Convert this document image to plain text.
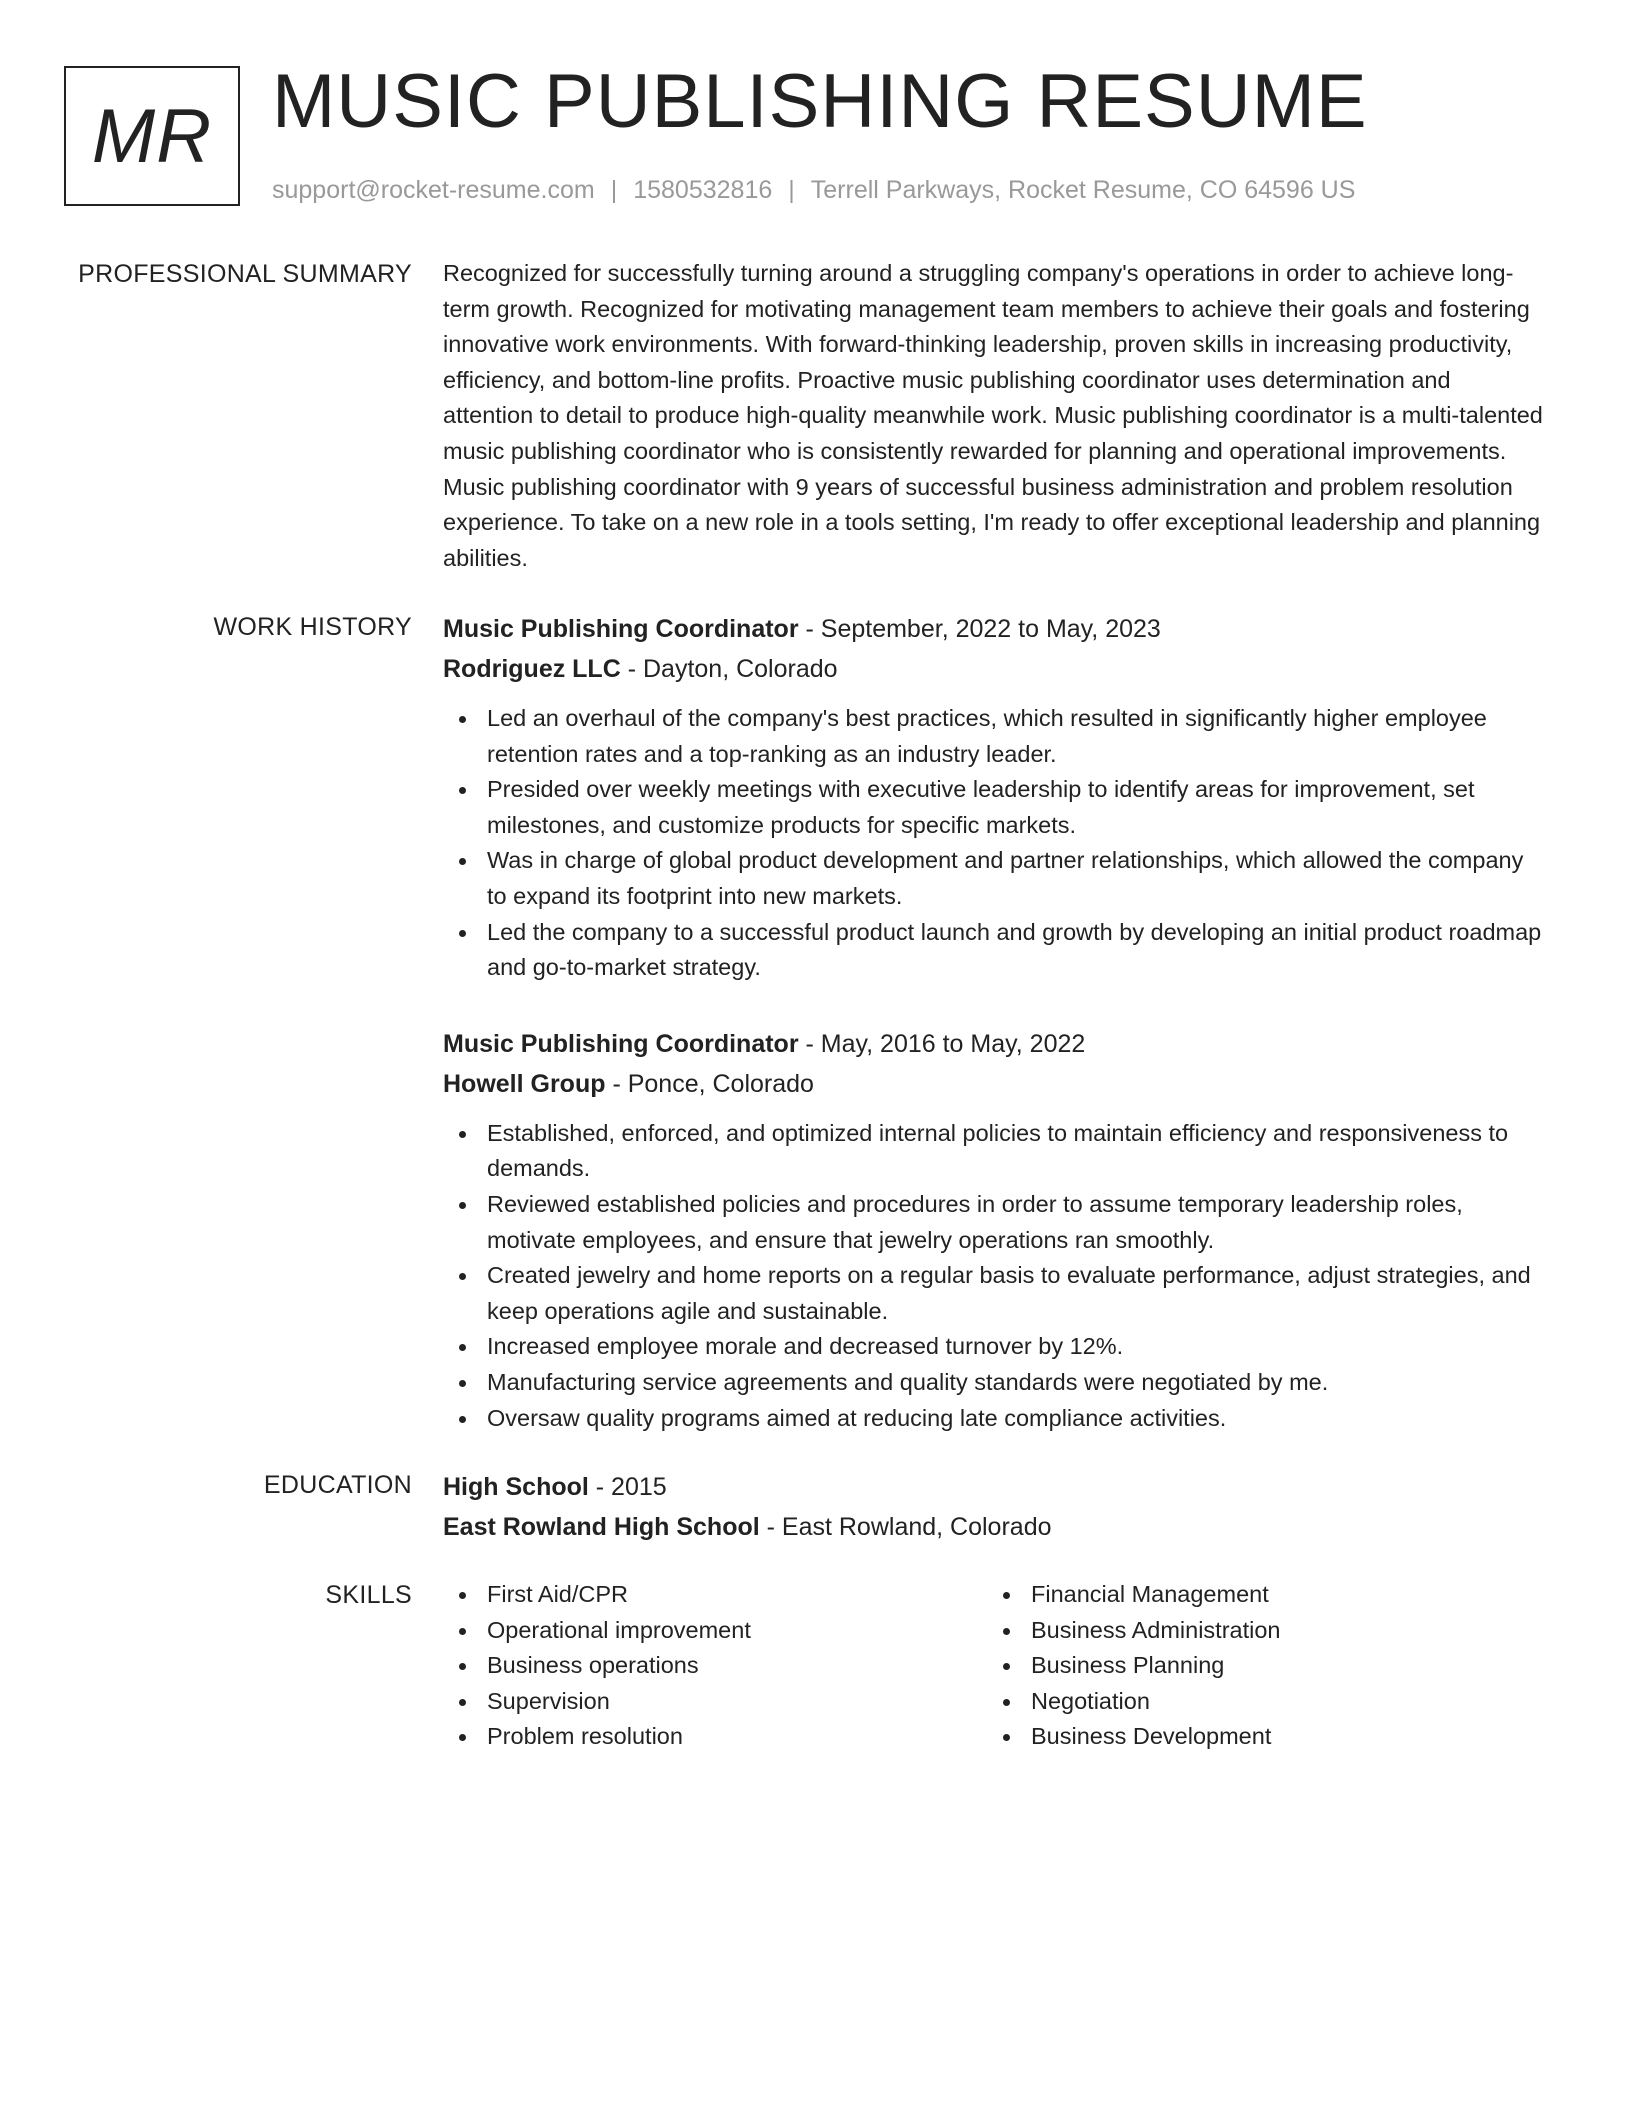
MR MUSIC PUBLISHING RESUME
support@rocket-resume.com | 1580532816 | Terrell Parkways, Rocket Resume, CO 64596 US
PROFESSIONAL SUMMARY Recognized for successfully turning around a struggling company's operations in order to achieve long-term growth. Recognized for motivating management team members to achieve their goals and fostering innovative work environments. With forward-thinking leadership, proven skills in increasing productivity, efficiency, and bottom-line profits. Proactive music publishing coordinator uses determination and attention to detail to produce high-quality meanwhile work. Music publishing coordinator is a multi-talented music publishing coordinator who is consistently rewarded for planning and operational improvements. Music publishing coordinator with 9 years of successful business administration and problem resolution experience. To take on a new role in a tools setting, I'm ready to offer exceptional leadership and planning abilities.

WORK HISTORY Music Publishing Coordinator - September, 2022 to May, 2023
Rodriguez LLC - Dayton, Colorado
Led an overhaul of the company's best practices, which resulted in significantly higher employee retention rates and a top-ranking as an industry leader.
Presided over weekly meetings with executive leadership to identify areas for improvement, set milestones, and customize products for specific markets.
Was in charge of global product development and partner relationships, which allowed the company to expand its footprint into new markets.
Led the company to a successful product launch and growth by developing an initial product roadmap and go-to-market strategy.
Music Publishing Coordinator - May, 2016 to May, 2022
Howell Group - Ponce, Colorado
Established, enforced, and optimized internal policies to maintain efficiency and responsiveness to demands.
Reviewed established policies and procedures in order to assume temporary leadership roles, motivate employees, and ensure that jewelry operations ran smoothly.
Created jewelry and home reports on a regular basis to evaluate performance, adjust strategies, and keep operations agile and sustainable.
Increased employee morale and decreased turnover by 12%.
Manufacturing service agreements and quality standards were negotiated by me.
Oversaw quality programs aimed at reducing late compliance activities.
EDUCATION High School - 2015
East Rowland High School - East Rowland, Colorado
SKILLS	First Aid/CPR
Operational improvement
Business operations
Supervision
Problem resolution
Financial Management
Business Administration
Business Planning
Negotiation
Business Development
